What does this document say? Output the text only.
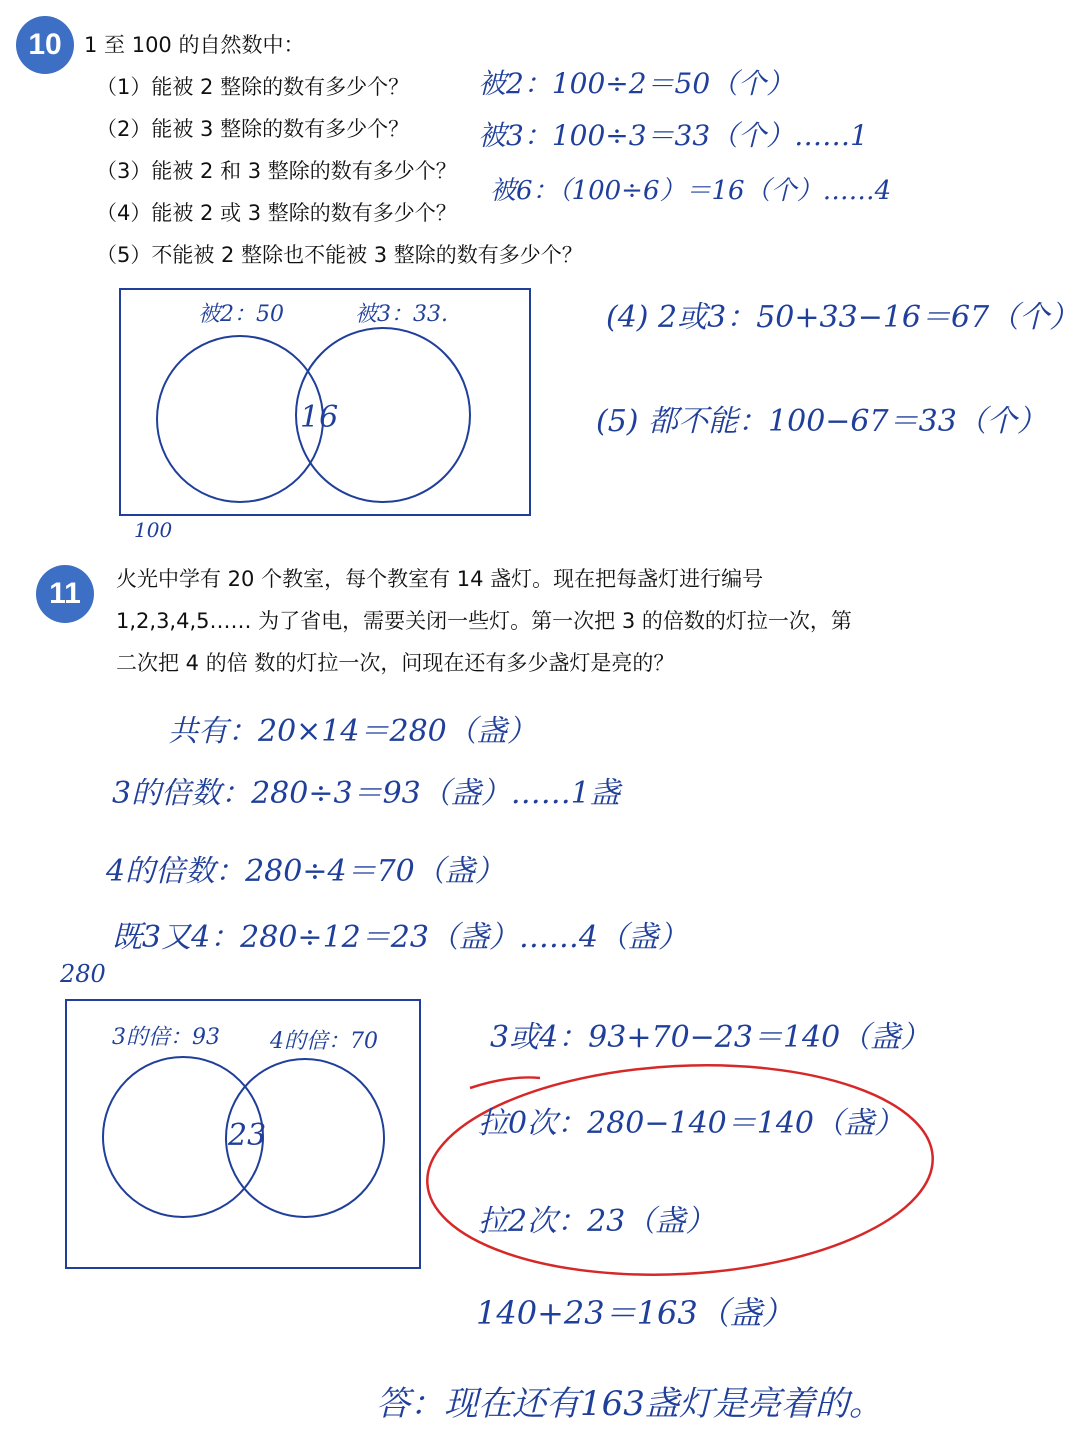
10	1 至 100 的自然数中：
（1）能被 2 整除的数有多少个？
（2）能被 3 整除的数有多少个？
（3）能被 2 和 3 整除的数有多少个？
（4）能被 2 或 3 整除的数有多少个？
（5）不能被 2 整除也不能被 3 整除的数有多少个？
被2：100÷2＝50（个）
被3：100÷3＝33（个）……1
被6：（100÷6）＝16（个）……4
(4) 2或3：50+33−16＝67（个）
(5) 都不能：100−67＝33（个）
被2：50	被3：33.
16
100
11	火光中学有 20 个教室，每个教室有 14 盏灯。现在把每盏灯进行编号
1,2,3,4,5…… 为了省电，需要关闭一些灯。第一次把 3 的倍数的灯拉一次，第
二次把 4 的倍 数的灯拉一次，问现在还有多少盏灯是亮的？
共有：20×14＝280（盏）
3的倍数：280÷3＝93（盏）……1盏
4的倍数：280÷4＝70（盏）
既3又4：280÷12＝23（盏）……4（盏）
280
3的倍：93 4的倍：70
23
3或4：93+70−23＝140（盏）
拉0次：280−140＝140（盏）
拉2次：23（盏）
140+23＝163（盏）
答：现在还有163盏灯是亮着的。
